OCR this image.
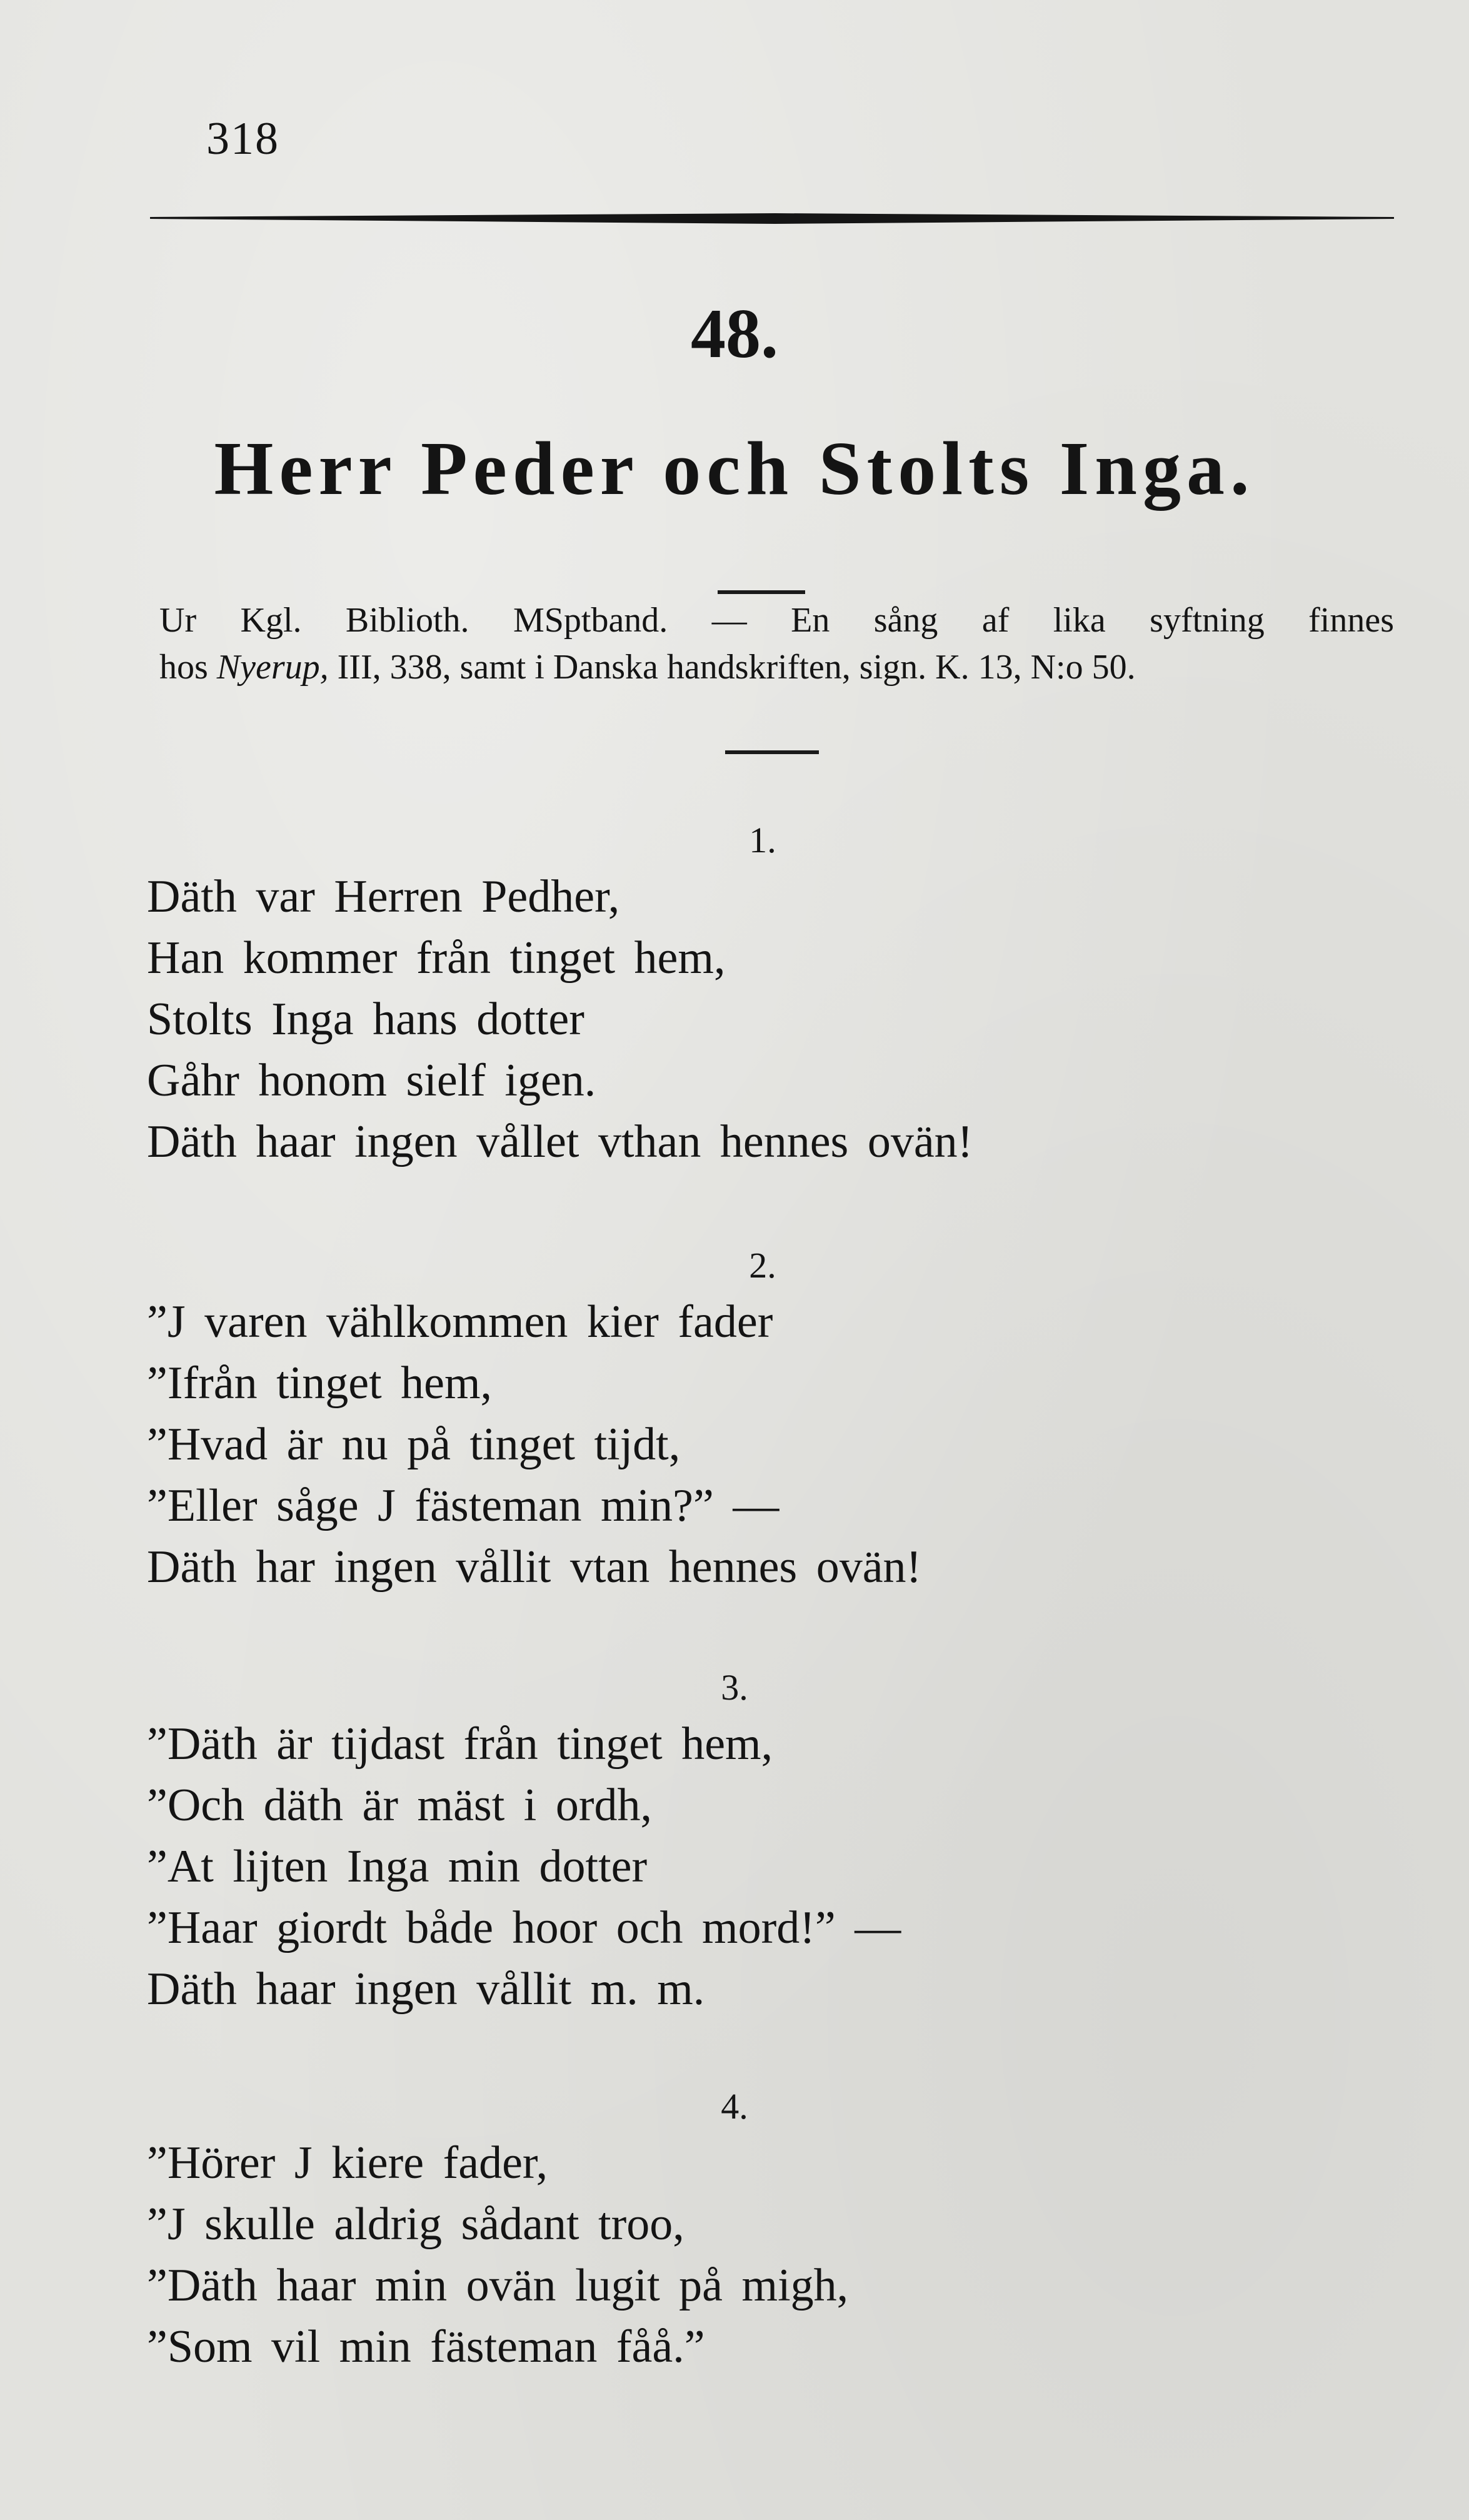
318
48.
Herr Peder och Stolts Inga.
Ur Kgl. Biblioth. MSptband. — En sång af lika syftning finnes
hos Nyerup, III, 338, samt i Danska handskriften, sign. K. 13, N:o 50.
1.
Däth var Herren Pedher,
Han kommer från tinget hem,
Stolts Inga hans dotter
Gåhr honom sielf igen.
Däth haar ingen vållet vthan hennes ovän!
2.
”J varen vählkommen kier fader
”Ifrån tinget hem,
”Hvad är nu på tinget tijdt,
”Eller såge J fästeman min?” —
Däth har ingen vållit vtan hennes ovän!
3.
”Däth är tijdast från tinget hem,
”Och däth är mäst i ordh,
”At lijten Inga min dotter
”Haar giordt både hoor och mord!” —
Däth haar ingen vållit m. m.
4.
”Hörer J kiere fader,
”J skulle aldrig sådant troo,
”Däth haar min ovän lugit på migh,
”Som vil min fästeman fåå.”
